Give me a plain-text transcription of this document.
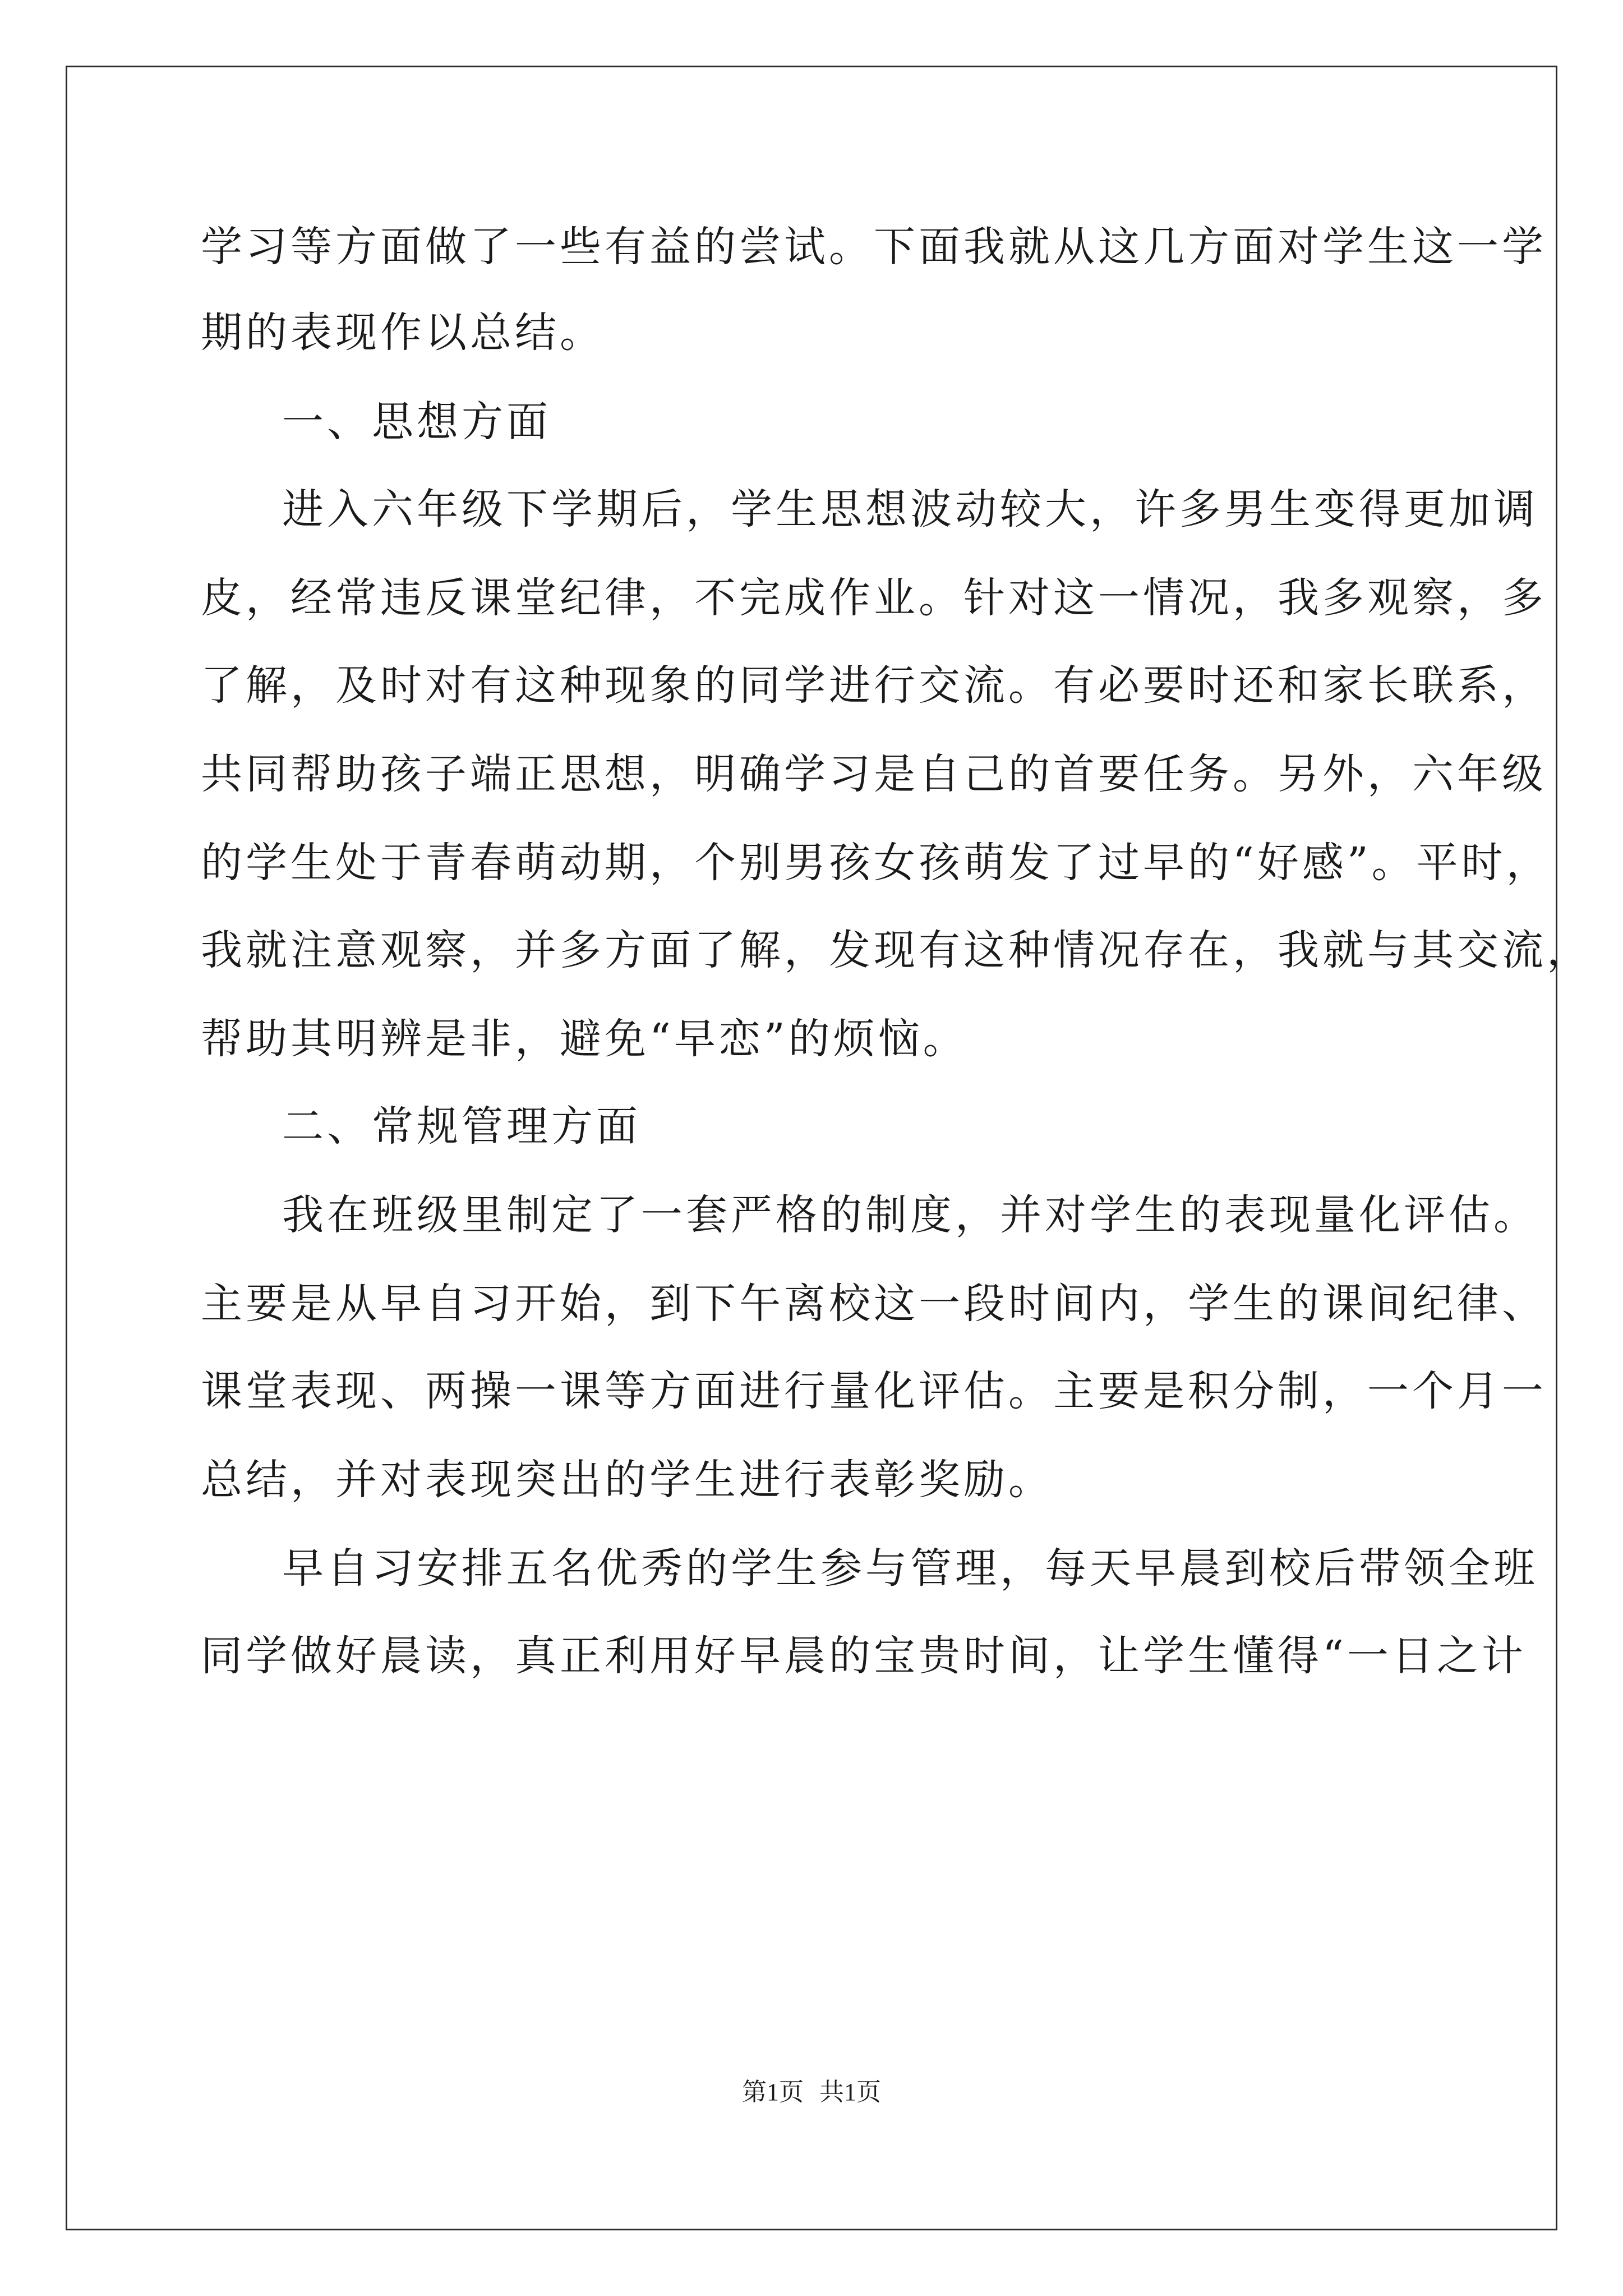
学习等方面做了一些有益的尝试。下面我就从这几方面对学生这一学
期的表现作以总结。
一、思想方面
进入六年级下学期后，学生思想波动较大，许多男生变得更加调
皮，经常违反课堂纪律，不完成作业。针对这一情况，我多观察，多
了解，及时对有这种现象的同学进行交流。有必要时还和家长联系，
共同帮助孩子端正思想，明确学习是自己的首要任务。另外，六年级
的学生处于青春萌动期，个别男孩女孩萌发了过早的“好感”。平时，
我就注意观察，并多方面了解，发现有这种情况存在，我就与其交流，
帮助其明辨是非，避免“早恋”的烦恼。
二、常规管理方面
我在班级里制定了一套严格的制度，并对学生的表现量化评估。
主要是从早自习开始，到下午离校这一段时间内，学生的课间纪律、
课堂表现、两操一课等方面进行量化评估。主要是积分制，一个月一
总结，并对表现突出的学生进行表彰奖励。
早自习安排五名优秀的学生参与管理，每天早晨到校后带领全班
同学做好晨读，真正利用好早晨的宝贵时间，让学生懂得“一日之计
第1页 共1页
